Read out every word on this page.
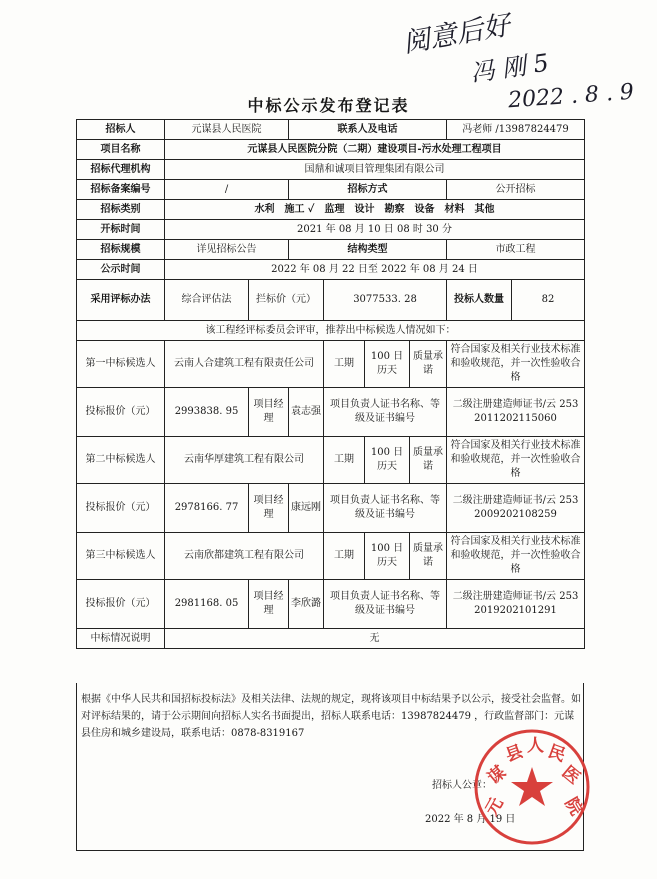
阅意后好
冯 刚 5
2022 . 8 . 9
中标公示发布登记表
招标人	元谋县人民医院		联系人及电话				冯老师 /13987824479	
项目名称	元谋县人民医院分院（二期）建设项目-污水处理工程项目							
招标代理机构	国鼎和诚项目管理集团有限公司							
招标备案编号	/		招标方式				公开招标	
招标类别	水利　施工 ✓　监理　设计　勘察　设备　材料　其他							
开标时间	2021 年 08 月 10 日 08 时 30 分							
招标规模	详见招标公告		结构类型				市政工程	
公示时间	2022 年 08 月 22 日至 2022 年 08 月 24 日							
采用评标办法	综合评估法	拦标价（元）		3077533. 28			投标人数量	82
该工程经评标委员会评审，推荐出中标候选人情况如下：								
第一中标候选人	云南人合建筑工程有限责任公司			工期	100 日历天	质量承诺	符合国家及相关行业技术标准和验收规范，并一次性验收合格	
投标报价（元）	2993838. 95	项目经理	袁志强	项目负责人证书名称、等级及证书编号			二级注册建造师证书/云 253 2011202115060	
第二中标候选人	云南华厚建筑工程有限公司			工期	100 日历天	质量承诺	符合国家及相关行业技术标准和验收规范，并一次性验收合格	
投标报价（元）	2978166. 77	项目经理	康远刚	项目负责人证书名称、等级及证书编号			二级注册建造师证书/云 253 2009202108259	
第三中标候选人	云南欣都建筑工程有限公司			工期	100 日历天	质量承诺	符合国家及相关行业技术标准和验收规范，并一次性验收合格	
投标报价（元）	2981168. 05	项目经理	李欣潞	项目负责人证书名称、等级及证书编号			二级注册建造师证书/云 253 2019202101291	
中标情况说明	无							
根据《中华人民共和国招标投标法》及相关法律、法规的规定，现将该项目中标结果予以公示，接受社会监督。如对评标结果的，请于公示期间向招标人实名书面提出，招标人联系电话：13987824479 ，行政监督部门：元谋县住房和城乡建设局，联系电话：0878-8319167
招标人公章：
2022 年 8 月 19 日
元
谋
县 人 民
医
院
